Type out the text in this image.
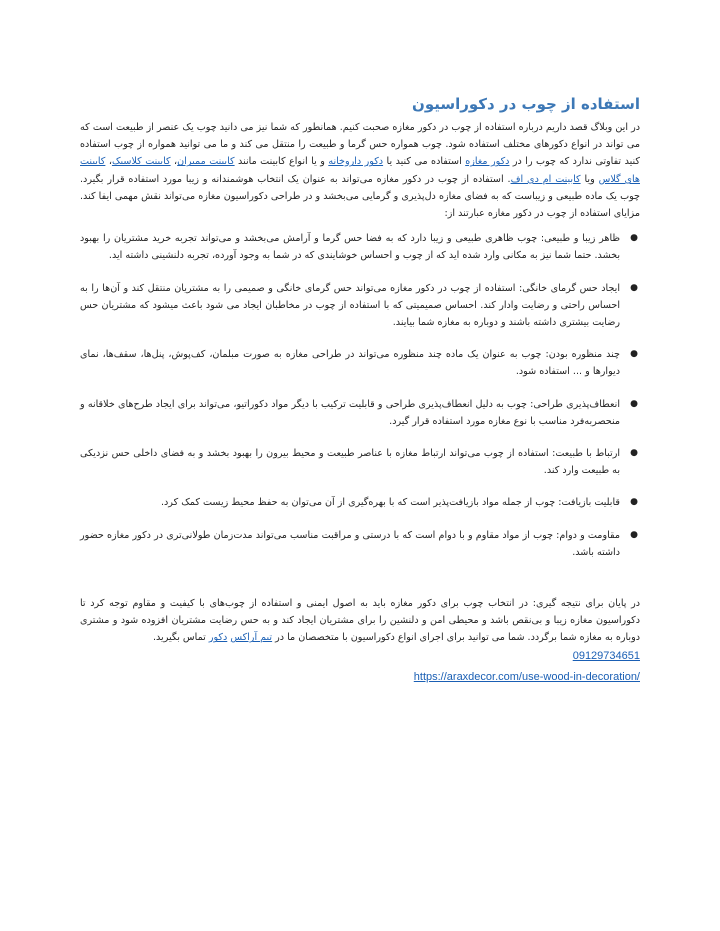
استفاده از چوب در دکوراسیون

در این وبلاگ قصد داریم درباره استفاده از چوب در دکور مغازه صحبت کنیم. همانطور که شما نیز می دانید چوب یک عنصر از طبیعت است که می تواند در انواع دکورهای مختلف استفاده شود. چوب همواره حس گرما و طبیعت را منتقل می کند و ما می توانید همواره از چوب استفاده کنید تفاوتی ندارد که چوب را در دکور مغازه استفاده می کنید یا دکور داروخانه و یا انواع کابینت مانند کابینت ممبران، کابینت کلاسیک، کابینت های گلاس ویا کابینت ام دی اف. استفاده از چوب در دکور مغازه می‌تواند به عنوان یک انتخاب هوشمندانه و زیبا مورد استفاده قرار بگیرد. چوب یک ماده طبیعی و زیباست که به فضای مغازه دل‌پذیری و گرمایی می‌بخشد و در طراحی دکوراسیون مغازه می‌تواند نقش مهمی ایفا کند. مزایای استفاده از چوب در دکور مغازه عبارتند از:

●
ظاهر زیبا و طبیعی: چوب ظاهری طبیعی و زیبا دارد که به فضا حس گرما و آرامش می‌بخشد و می‌تواند تجربه خرید مشتریان را بهبود بخشد. حتما شما نیز به مکانی وارد شده اید که از چوب و احساس خوشایندی که در شما به وجود آورده، تجربه دلنشینی داشته اید.
●
ایجاد حس گرمای خانگی: استفاده از چوب در دکور مغازه می‌تواند حس گرمای خانگی و صمیمی را به مشتریان منتقل کند و آن‌ها را به احساس راحتی و رضایت وادار کند. احساس صمیمیتی که با استفاده از چوب در مخاطبان ایجاد می شود باعث میشود که مشتریان حس رضایت بیشتری داشته باشند و دوباره به مغازه شما بیایند.
●
چند منظوره بودن: چوب به عنوان یک ماده چند منظوره می‌تواند در طراحی مغازه به صورت مبلمان، کف‌پوش، پنل‌ها، سقف‌ها، نمای دیوارها و ... استفاده شود.
●
انعطاف‌پذیری طراحی: چوب به دلیل انعطاف‌پذیری طراحی و قابلیت ترکیب با دیگر مواد دکوراتیو، می‌تواند برای ایجاد طرح‌های خلاقانه و منحصربه‌فرد مناسب با نوع مغازه مورد استفاده قرار گیرد.
●
ارتباط با طبیعت: استفاده از چوب می‌تواند ارتباط مغازه با عناصر طبیعت و محیط بیرون را بهبود بخشد و به فضای داخلی حس نزدیکی به طبیعت وارد کند.
●
قابلیت بازیافت: چوب از جمله مواد بازیافت‌پذیر است که با بهره‌گیری از آن می‌توان به حفظ محیط زیست کمک کرد.
●
مقاومت و دوام: چوب از مواد مقاوم و با دوام است که با درستی و مراقبت مناسب می‌تواند مدت‌زمان طولانی‌تری در دکور مغازه حضور داشته باشد.
در پایان برای نتیجه گیری: در انتخاب چوب برای دکور مغازه باید به اصول ایمنی و استفاده از چوب‌های با کیفیت و مقاوم توجه کرد تا دکوراسیون مغازه زیبا و بی‌نقص باشد و محیطی امن و دلنشین را برای مشتریان ایجاد کند و به حس رضایت مشتریان افزوده شود و مشتری دوباره به مغازه شما برگردد. شما می توانید برای اجرای انواع دکوراسیون با متخصصان ما در تیم آراکس دکور تماس بگیرید.
09129734651
https://araxdecor.com/use-wood-in-decoration/
